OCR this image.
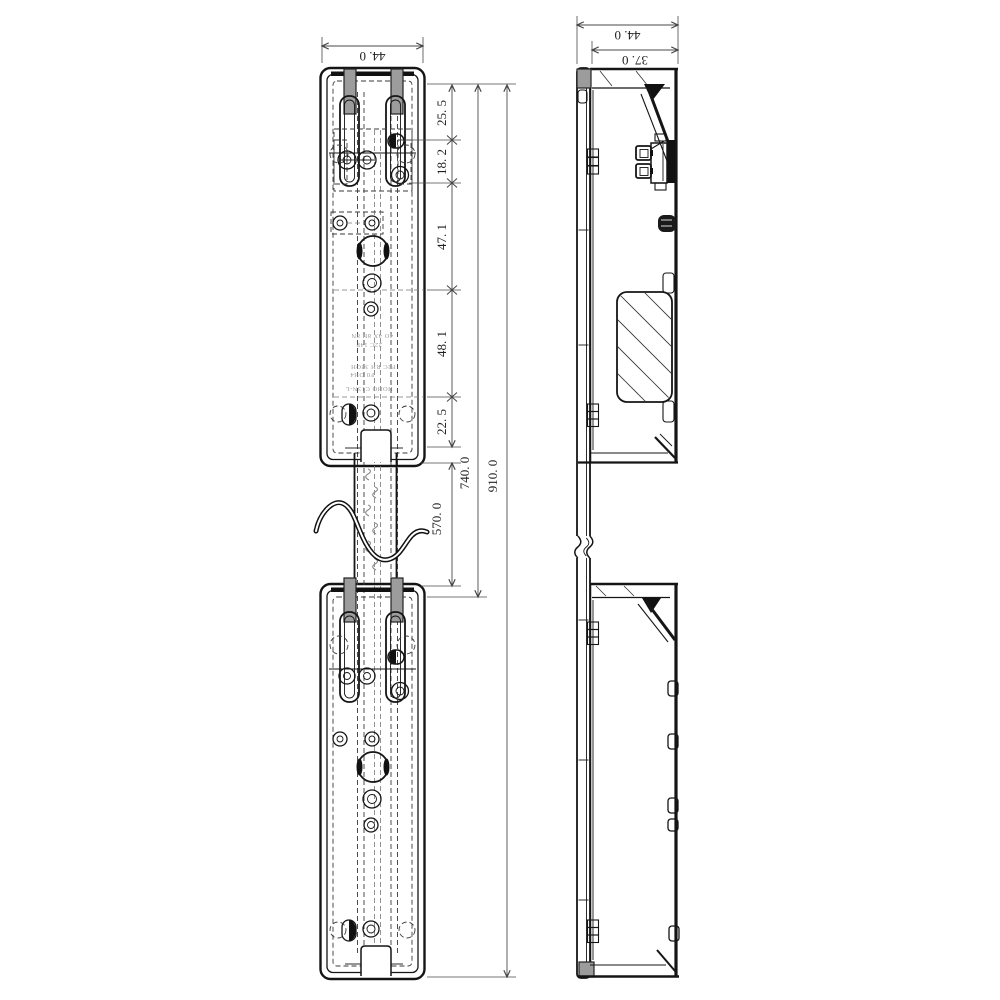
4O 4X 8H 8N
22C 14P
F2C RH 32OH
F0 OH4
HOHO C13N-L
44. 0
44. 0
37. 0
25. 5
18. 2
47. 1
48. 1
22. 5
570. 0
740. 0 910. 0
